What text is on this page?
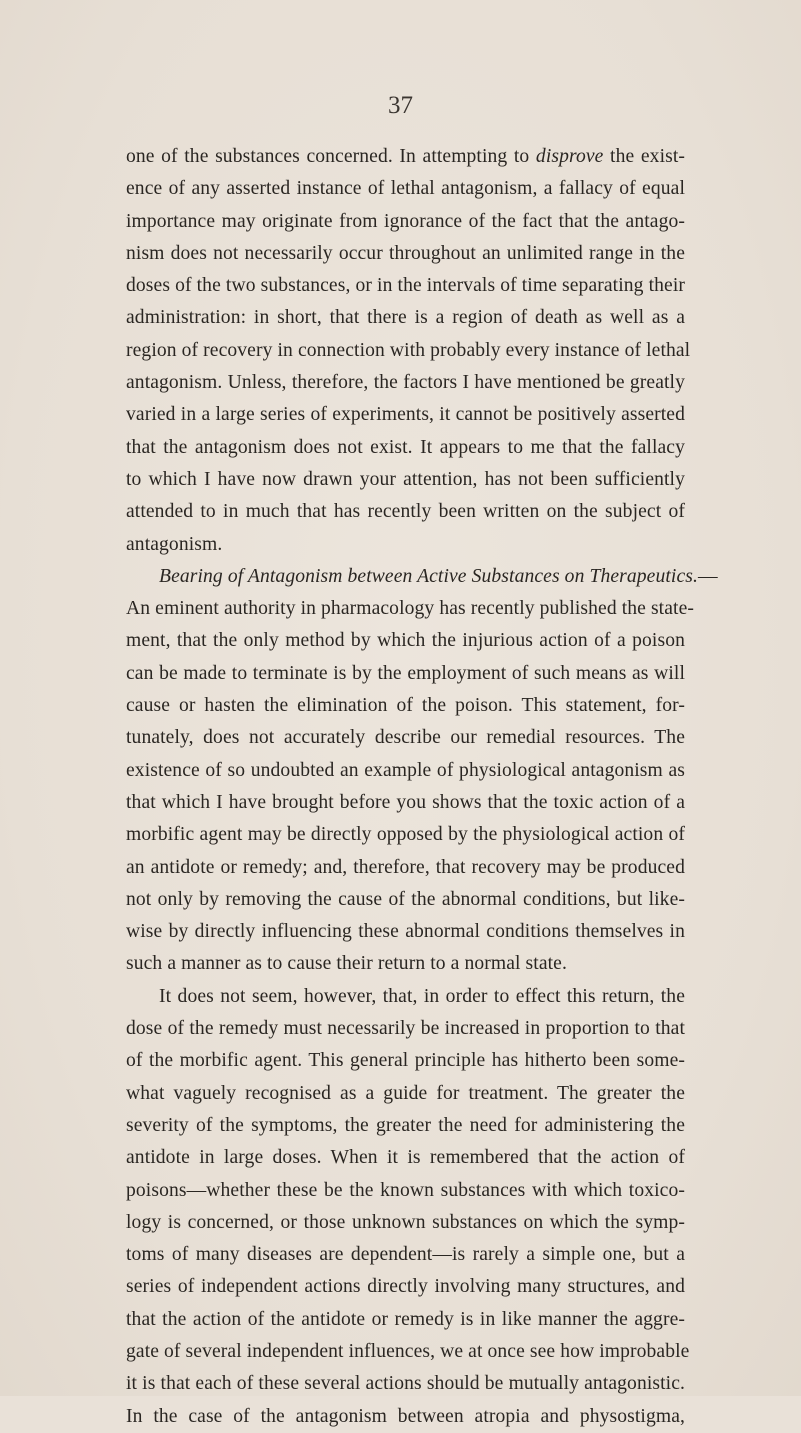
37
one of the substances concerned. In attempting to disprove the exist-
ence of any asserted instance of lethal antagonism, a fallacy of equal
importance may originate from ignorance of the fact that the antago-
nism does not necessarily occur throughout an unlimited range in the
doses of the two substances, or in the intervals of time separating their
administration: in short, that there is a region of death as well as a
region of recovery in connection with probably every instance of lethal
antagonism. Unless, therefore, the factors I have mentioned be greatly
varied in a large series of experiments, it cannot be positively asserted
that the antagonism does not exist. It appears to me that the fallacy
to which I have now drawn your attention, has not been sufficiently
attended to in much that has recently been written on the subject of
antagonism.
Bearing of Antagonism between Active Substances on Therapeutics.—
An eminent authority in pharmacology has recently published the state-
ment, that the only method by which the injurious action of a poison
can be made to terminate is by the employment of such means as will
cause or hasten the elimination of the poison. This statement, for-
tunately, does not accurately describe our remedial resources. The
existence of so undoubted an example of physiological antagonism as
that which I have brought before you shows that the toxic action of a
morbific agent may be directly opposed by the physiological action of
an antidote or remedy; and, therefore, that recovery may be produced
not only by removing the cause of the abnormal conditions, but like-
wise by directly influencing these abnormal conditions themselves in
such a manner as to cause their return to a normal state.
It does not seem, however, that, in order to effect this return, the
dose of the remedy must necessarily be increased in proportion to that
of the morbific agent. This general principle has hitherto been some-
what vaguely recognised as a guide for treatment. The greater the
severity of the symptoms, the greater the need for administering the
antidote in large doses. When it is remembered that the action of
poisons—whether these be the known substances with which toxico-
logy is concerned, or those unknown substances on which the symp-
toms of many diseases are dependent—is rarely a simple one, but a
series of independent actions directly involving many structures, and
that the action of the antidote or remedy is in like manner the aggre-
gate of several independent influences, we at once see how improbable
it is that each of these several actions should be mutually antagonistic.
In the case of the antagonism between atropia and physostigma,
